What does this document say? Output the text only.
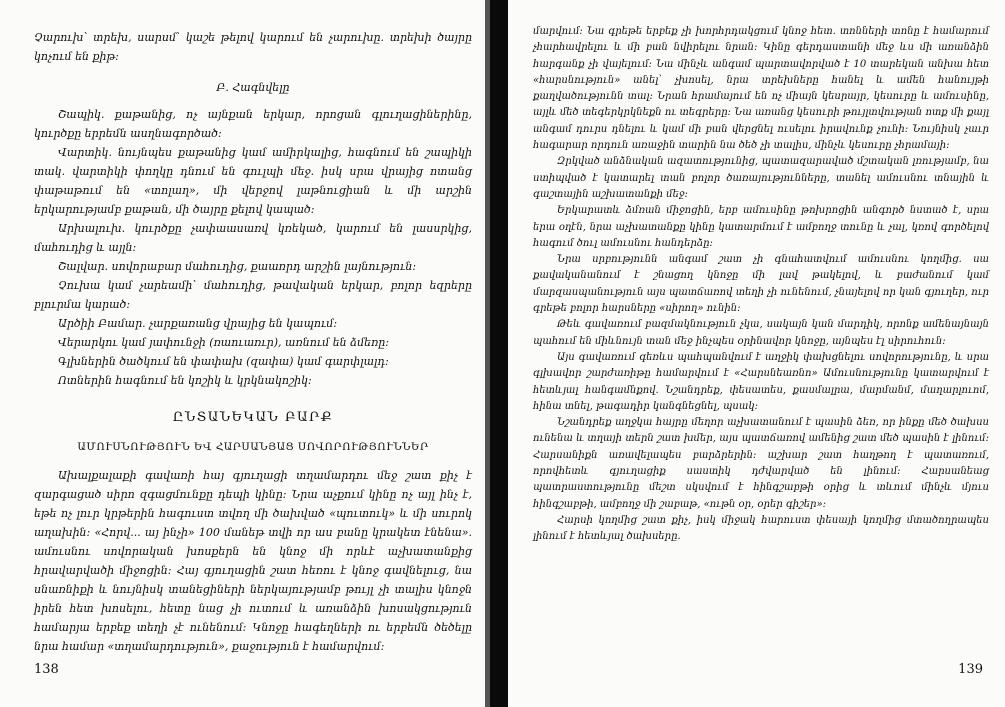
Չարուխ՝ տրեխ, սարսմ՝ կաշե թելով կարում են չարուխը. տրեխի ծայրը կոչում են քիթ։

Բ. Հագնվելը

Շապիկ. քաթանից, ոչ այնքան երկար, որոցան գլուղացիներինը, կուրծքը երրեմն ասղնագործած։

Վարտիկ. նույնպես քաթանից կամ ամիրկալից, հագնում են շապիկի տակ. վարտիկի փողկը դնում են գուլպի մեջ. իսկ սրա վրայից ոտանց փաթաթում են «տոլաղ», մի վերջով լաթնուցիան և մի արշին երկարությամբ քաթան, մի ծայրը քելով կապած։

Արխալուխ. կուրծքը չափաասառվ կռեկած, կարում են լասսրկից, մահուդից և այլն։

Շալվար. սովորաբար մահուդից, քաառրդ արշին լայնություն։

Չուխա կամ չարեամի՝ մահուդից, թավական երկար, բոլոր եզրերը բլուրմա կարած։

Արծիի Բամար. չարքառանց վրայից են կապում։

Վերարկու կամ յափունջի (ռաուառւր), առնում են ձմեռը։

Գլխներին ծածկում են փափախ (զափա) կամ գարփլալդ։

Ոտներին հագնում են կոշիկ և կրկնակոշիկ։

ԸՆՏԱՆԵԿԱՆ ԲԱՐՔ
ԱՄՈՒՍՆՈՒԹՅՈՒՆ ԵՎ ՀԱՐՍԱՆՅԱՑ ՍՈՎՈՐՈՒԹՅՈՒՆՆԵՐ

Ախալքալաքի գավառի հայ գյուղացի տղամարդու մեջ շատ քիչ է զարգացած սիրո զգացմունքը դեպի կինը։ Նրա աչքում կինը ոչ այլ ինչ է, եթե ոչ լուր կրթերին հագուստ տվող մի ծախված «պուտուկ» և մի սուրոկ աղախին։ «Հորվ... այ ինչի» 100 մանեթ տվի որ աս բանը կրակետ էնենա». ամուսնու սովորական խոսքերն են կնոջ մի որևէ աչխատանքից հրավարվածի միջոցին։ Հայ գյուղացին շատ հեռու է կնոջ գավնելուց, նա սնառնիքի և նույնիսկ տանեցիների ներկայությամբ թույլ չի տալիս կնոջն իրեն հետ խոսելու, հետը նաց չի ուտում և առանձին խոսակցություն համարյա երբեք տեղի չէ ունենում։ Կնոջը հագեղների ու երբեմն ծեծելը նրա համար «տղամարդություն», քաջություն է համարվում։

138

մարվում։ Նա գրեթե երբեք չի խորհրդակցում կնոջ հետ. տոնների տոնը է համարում չհարհավրելու և մի բան նվիրելու նրան։ Կինը գերդաստանի մեջ ևս մի առանձին հարգանք չի վայելում։ Նա մինչև անգամ պարտավորված է 10 տարեկան անխա հետ «հարսնություն» անել՝ չխոսել, նրա տրեխները հանել և ամեն հանույթի քաղվածությունն տալ։ Նրան հրամայում են ոչ միայն կեսրայր, կեսուրը և ամուսինը, այլև մեծ տեգերկրկնեքն ու տեգրերը։ Նա առանց կեսուրի թույլտվության ոտք մի քայլ անգամ դուրս դնելու և կամ մի բան վերցնել ուսելու իրավունք չունի։ Նույնիսկ չաւր հագարար որդուն առաջին տարին նա ծեծ չի տալիս, մինչև կեսուրը չհրամայի։

Զրկված անձնական ազատությունից, պատազարաված մշտական լռությամբ, նա ստիպված է կատարել տան բոլոր ծառայությունները, տանել ամուսնու տնային և գաշտային աշխատանքի մեջ։

Երկարատև ձմռան միջոցին, երբ ամուսինը թոխրոցին անգործ նստած է, սրա երա օղէն, նրա աչխատանքը կինը կատարմում է ամբողջ տունը և չալ, կռով գործելով հագում ծուլ ամուսնու հանդերձը։

Նրա սրբությունն անգամ շատ չի գնահատվում ամուսնու կողմից. սա քավականանում է շնացող կնոջը մի լավ թակելով, և բաժանում կամ մարզասպանություն այս պատճառով տեղի չի ունենում, չնայելով որ կան գյուղեր, ուր գրեթե բոլոր հարսները «սիրող» ունին։

Թեև գավառում բազմակնություն չկա, սակայն կան մարդիկ, որոնք ամենայնայն պահում են միևնույն տան մեջ ինչպես օրինավոր կնոջը, այնպես էլ սիրուհուն։

Այս գավառում գեռևս պահպանվում է աղջիկ փախցնելու սովորությունը, և սրա գլխավոր շարժառիթը համարվում է «Հարսնեառնո» Ամուսնությունը կատարվում է հետևյալ հանգամնքով. Նշանդրեք, փեսատես, քասմալրա, մարմանմ, մաղարլուոմ, հինա տնել, թագադիր կանգնեցնել, պսակ։

Նշանդրեք աղջկա հայրը մեղոր աչխատանում է պասին ձեռ, որ ինքը մեծ ծախսս ունենա և տղայի տերն շատ խմեր, այս պատճառով ամենից շատ մեծ պասին է լինում։ Հարսանիքն առավելապես բարձրերին։ աշխար շատ հաղթող է պատառում, որովհետև գյուղացիք սաստիկ դժվարված են լինում։ Հարսանեաց պատրաստությունը մեշտ սկսվում է հինգշաբթի օրից և տևում մինչև մյուս հինգշաբթի, ամբողջ մի շաբաթ, «ութն օր, օրեր գիշեր»։

Հարսի կողմից շատ քիչ, իսկ միջակ հարուստ փեսայի կողմից մտածողրապես լինում է հետևյալ ծախսերը.

139
